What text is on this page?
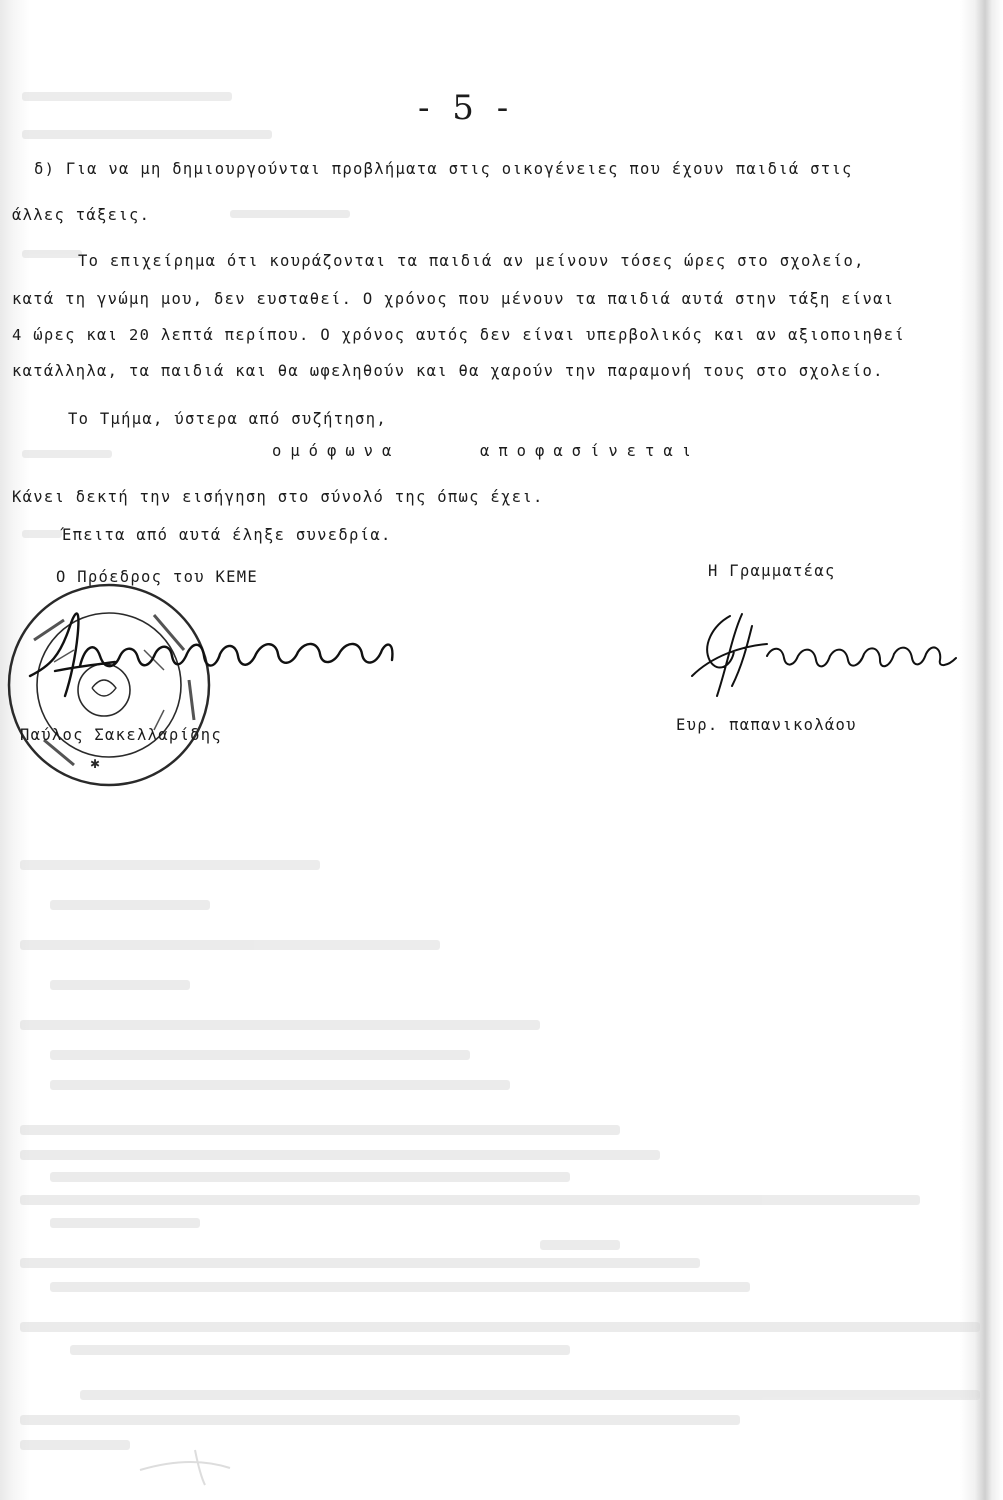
- 5 -
δ) Για να μη δημιουργούνται προβλήματα στις οικογένειες που έχουν παιδιά στις
άλλες τάξεις.
Το επιχείρημα ότι κουράζονται τα παιδιά αν μείνουν τόσες ώρες στο σχολείο,
κατά τη γνώμη μου, δεν ευσταθεί. Ο χρόνος που μένουν τα παιδιά αυτά στην τάξη είναι
4 ώρες και 20 λεπτά περίπου. Ο χρόνος αυτός δεν είναι υπερβολικός και αν αξιοποιηθεί
κατάλληλα, τα παιδιά και θα ωφεληθούν και θα χαρούν την παραμονή τους στο σχολείο.
Το Τμήμα, ύστερα από συζήτηση,
ομόφωνα	αποφασίνεται
Κάνει δεκτή την εισήγηση στο σύνολό της όπως έχει.
Έπειτα από αυτά έληξε συνεδρία.
Ο Πρόεδρος του ΚΕΜΕ	Η Γραμματέας
✱
Παύλος Σακελλαρίδης
Ευρ. παπανικολάου
